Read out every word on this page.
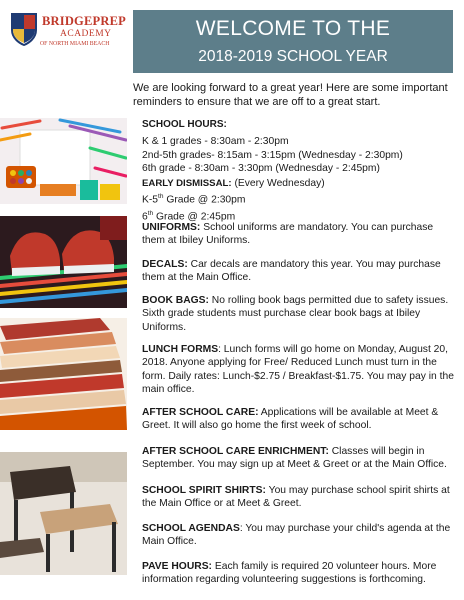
BRIDGEPREP
ACADEMY
OF NORTH MIAMI BEACH
WELCOME TO THE
2018-2019 SCHOOL YEAR
We are looking forward to a great year! Here are some important reminders to ensure that we are off to a great start.
SCHOOL HOURS:
K & 1 grades - 8:30am - 2:30pm
2nd-5th grades- 8:15am - 3:15pm (Wednesday - 2:30pm)
6th grade - 8:30am - 3:30pm (Wednesday - 2:45pm)
EARLY DISMISSAL: (Every Wednesday)
K-5th Grade @ 2:30pm
6th Grade @ 2:45pm
UNIFORMS: School uniforms are mandatory. You can purchase them at Ibiley Uniforms.
DECALS: Car decals are mandatory this year. You may purchase them at the Main Office.
BOOK BAGS: No rolling book bags permitted due to safety issues. Sixth grade students must purchase clear book bags at Ibiley Uniforms.
LUNCH FORMS: Lunch forms will go home on Monday, August 20, 2018. Anyone applying for Free/ Reduced Lunch must turn in the form. Daily rates: Lunch-$2.75 / Breakfast-$1.75. You may pay in the main office.
AFTER SCHOOL CARE: Applications will be available at Meet & Greet. It will also go home the first week of school.
AFTER SCHOOL CARE ENRICHMENT: Classes will begin in September. You may sign up at Meet & Greet or at the Main Office.
SCHOOL SPIRIT SHIRTS: You may purchase school spirit shirts at the Main Office or at Meet & Greet.
SCHOOL AGENDAS: You may purchase your child's agenda at the Main Office.
PAVE HOURS: Each family is required 20 volunteer hours. More information regarding volunteering suggestions is forthcoming.
